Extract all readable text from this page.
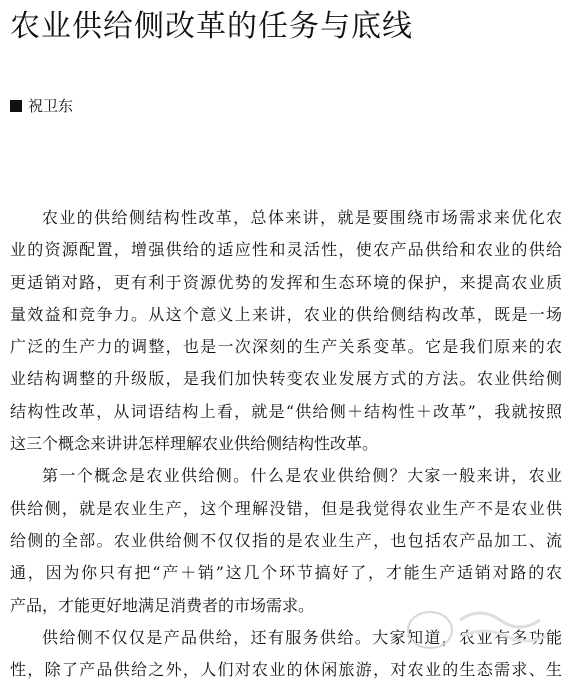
农业供给侧改革的任务与底线
祝卫东
农业的供给侧结构性改革，总体来讲，就是要围绕市场需求来优化农
业的资源配置，增强供给的适应性和灵活性，使农产品供给和农业的供给
更适销对路，更有利于资源优势的发挥和生态环境的保护，来提高农业质
量效益和竞争力。从这个意义上来讲，农业的供给侧结构改革，既是一场
广泛的生产力的调整，也是一次深刻的生产关系变革。它是我们原来的农
业结构调整的升级版，是我们加快转变农业发展方式的方法。农业供给侧
结构性改革，从词语结构上看，就是“供给侧＋结构性＋改革”，我就按照
这三个概念来讲讲怎样理解农业供给侧结构性改革。
第一个概念是农业供给侧。什么是农业供给侧？大家一般来讲，农业
供给侧，就是农业生产，这个理解没错，但是我觉得农业生产不是农业供
给侧的全部。农业供给侧不仅仅指的是农业生产，也包括农产品加工、流
通，因为你只有把“产＋销”这几个环节搞好了，才能生产适销对路的农
产品，才能更好地满足消费者的市场需求。
供给侧不仅仅是产品供给，还有服务供给。大家知道，农业有多功能
性，除了产品供给之外，人们对农业的休闲旅游，对农业的生态需求、生
